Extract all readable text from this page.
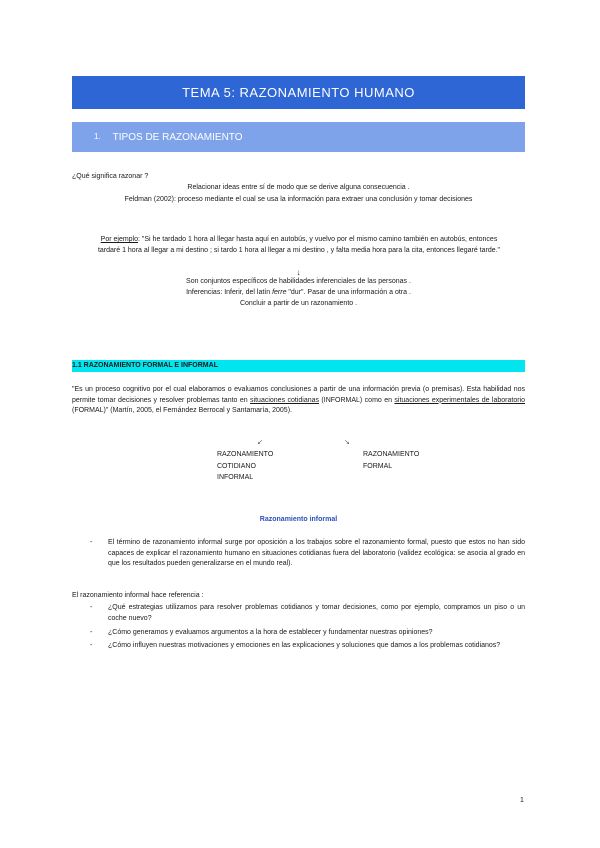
TEMA 5: RAZONAMIENTO HUMANO
1. TIPOS DE RAZONAMIENTO
¿Qué significa razonar ?
Relacionar ideas entre sí de modo que se derive alguna consecuencia .
Feldman (2002): proceso mediante el cual se usa la información para extraer una conclusión y tomar decisiones
Por ejemplo: "Si he tardado 1 hora al llegar hasta aquí en autobús, y vuelvo por el mismo camino también en autobús, entonces tardaré 1 hora al llegar a mi destino ; si tardo 1 hora al llegar a mi destino , y falta media hora para la cita, entonces llegaré tarde."
↓
Son conjuntos específicos de habilidades inferenciales de las personas .
Inferencias: Inferir, del latín ferre "dur". Pasar de una información a otra .
Concluir a partir de un razonamiento .
1.1 RAZONAMIENTO FORMAL E INFORMAL
"Es un proceso cognitivo por el cual elaboramos o evaluamos conclusiones a partir de una información previa (o premisas). Esta habilidad nos permite tomar decisiones y resolver problemas tanto en situaciones cotidianas (INFORMAL) como en situaciones experimentales de laboratorio (FORMAL)" (Martín, 2005, el Fernández Berrocal y Santamaría, 2005).
↙	↘
RAZONAMIENTO
COTIDIANO
INFORMAL
RAZONAMIENTO
FORMAL
Razonamiento informal
- El término de razonamiento informal surge por oposición a los trabajos sobre el razonamiento formal, puesto que estos no han sido capaces de explicar el razonamiento humano en situaciones cotidianas fuera del laboratorio (validez ecológica: se asocia al grado en que los resultados pueden generalizarse en el mundo real).
El razonamiento informal hace referencia :
- ¿Qué estrategias utilizamos para resolver problemas cotidianos y tomar decisiones, como por ejemplo, compramos un piso o un coche nuevo?
- ¿Cómo generamos y evaluamos argumentos a la hora de establecer y fundamentar nuestras opiniones?
- ¿Cómo influyen nuestras motivaciones y emociones en las explicaciones y soluciones que damos a los problemas cotidianos?
1
